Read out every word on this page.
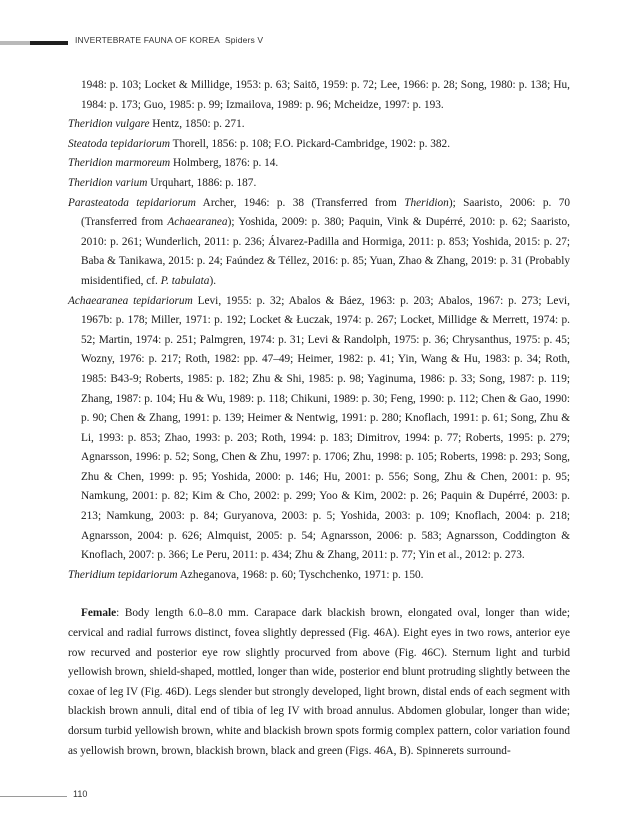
INVERTEBRATE FAUNA OF KOREA Spiders V
1948: p. 103; Locket & Millidge, 1953: p. 63; Saitō, 1959: p. 72; Lee, 1966: p. 28; Song, 1980: p. 138; Hu, 1984: p. 173; Guo, 1985: p. 99; Izmailova, 1989: p. 96; Mcheidze, 1997: p. 193.
Theridion vulgare Hentz, 1850: p. 271.
Steatoda tepidariorum Thorell, 1856: p. 108; F.O. Pickard-Cambridge, 1902: p. 382.
Theridion marmoreum Holmberg, 1876: p. 14.
Theridion varium Urquhart, 1886: p. 187.
Parasteatoda tepidariorum Archer, 1946: p. 38 (Transferred from Theridion); Saaristo, 2006: p. 70 (Transferred from Achaearanea); Yoshida, 2009: p. 380; Paquin, Vink & Dupérré, 2010: p. 62; Saaristo, 2010: p. 261; Wunderlich, 2011: p. 236; Álvarez-Padilla and Hormiga, 2011: p. 853; Yoshida, 2015: p. 27; Baba & Tanikawa, 2015: p. 24; Faúndez & Téllez, 2016: p. 85; Yuan, Zhao & Zhang, 2019: p. 31 (Probably misidentified, cf. P. tabulata).
Achaearanea tepidariorum Levi, 1955: p. 32; Abalos & Báez, 1963: p. 203; Abalos, 1967: p. 273; Levi, 1967b: p. 178; Miller, 1971: p. 192; Locket & Łuczak, 1974: p. 267; Locket, Millidge & Merrett, 1974: p. 52; Martin, 1974: p. 251; Palmgren, 1974: p. 31; Levi & Randolph, 1975: p. 36; Chrysanthus, 1975: p. 45; Wozny, 1976: p. 217; Roth, 1982: pp. 47–49; Heimer, 1982: p. 41; Yin, Wang & Hu, 1983: p. 34; Roth, 1985: B43-9; Roberts, 1985: p. 182; Zhu & Shi, 1985: p. 98; Yaginuma, 1986: p. 33; Song, 1987: p. 119; Zhang, 1987: p. 104; Hu & Wu, 1989: p. 118; Chikuni, 1989: p. 30; Feng, 1990: p. 112; Chen & Gao, 1990: p. 90; Chen & Zhang, 1991: p. 139; Heimer & Nentwig, 1991: p. 280; Knoflach, 1991: p. 61; Song, Zhu & Li, 1993: p. 853; Zhao, 1993: p. 203; Roth, 1994: p. 183; Dimitrov, 1994: p. 77; Roberts, 1995: p. 279; Agnarsson, 1996: p. 52; Song, Chen & Zhu, 1997: p. 1706; Zhu, 1998: p. 105; Roberts, 1998: p. 293; Song, Zhu & Chen, 1999: p. 95; Yoshida, 2000: p. 146; Hu, 2001: p. 556; Song, Zhu & Chen, 2001: p. 95; Namkung, 2001: p. 82; Kim & Cho, 2002: p. 299; Yoo & Kim, 2002: p. 26; Paquin & Dupérré, 2003: p. 213; Namkung, 2003: p. 84; Guryanova, 2003: p. 5; Yoshida, 2003: p. 109; Knoflach, 2004: p. 218; Agnarsson, 2004: p. 626; Almquist, 2005: p. 54; Agnarsson, 2006: p. 583; Agnarsson, Coddington & Knoflach, 2007: p. 366; Le Peru, 2011: p. 434; Zhu & Zhang, 2011: p. 77; Yin et al., 2012: p. 273.
Theridium tepidariorum Azheganova, 1968: p. 60; Tyschchenko, 1971: p. 150.
Female: Body length 6.0–8.0 mm. Carapace dark blackish brown, elongated oval, longer than wide; cervical and radial furrows distinct, fovea slightly depressed (Fig. 46A). Eight eyes in two rows, anterior eye row recurved and posterior eye row slightly procurved from above (Fig. 46C). Sternum light and turbid yellowish brown, shield-shaped, mottled, longer than wide, posterior end blunt protruding slightly between the coxae of leg IV (Fig. 46D). Legs slender but strongly developed, light brown, distal ends of each segment with blackish brown annuli, dital end of tibia of leg IV with broad annulus. Abdomen globular, longer than wide; dorsum turbid yellowish brown, white and blackish brown spots formig complex pattern, color variation found as yellowish brown, brown, blackish brown, black and green (Figs. 46A, B). Spinnerets surround-
110
